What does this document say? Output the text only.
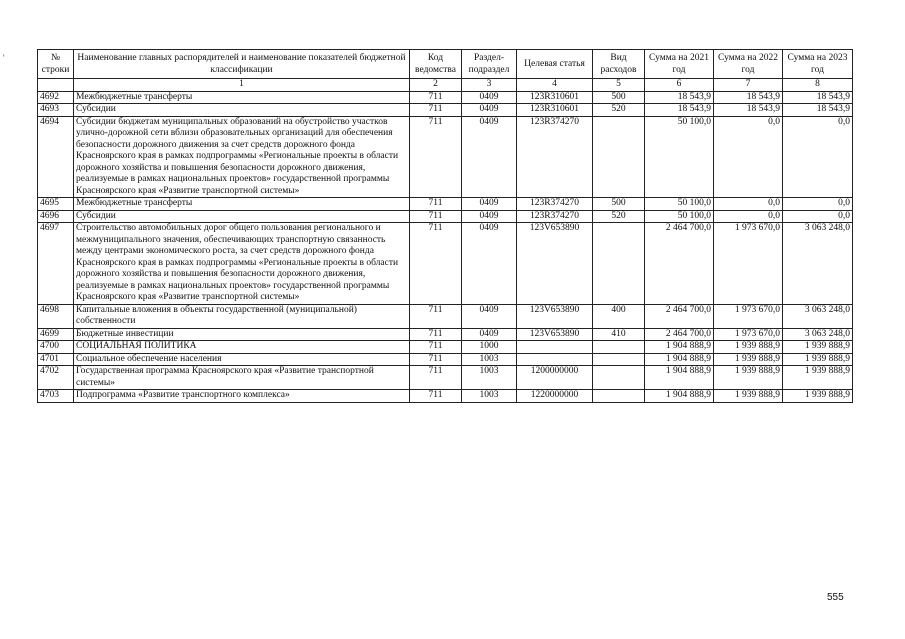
'	№ строки	Наименование главных распорядителей и наименование показателей бюджетной классификации	Код ведомства	Раздел-подраздел	Целевая статья	Вид расходов	Сумма на 2021 год	Сумма на 2022 год	Сумма на 2023 год
	1	2	3	4	5	6	7	8
4692	Межбюджетные трансферты	711	0409	123R310601	500	18 543,9	18 543,9	18 543,9
4693	Субсидии	711	0409	123R310601	520	18 543,9	18 543,9	18 543,9
4694	Субсидии бюджетам муниципальных образований на обустройство участков улично-дорожной сети вблизи образовательных организаций для обеспечения безопасности дорожного движения за счет средств дорожного фонда Красноярского края в рамках подпрограммы «Региональные проекты в области дорожного хозяйства и повышения безопасности дорожного движения, реализуемые в рамках национальных проектов» государственной программы Красноярского края «Развитие транспортной системы»	711	0409	123R374270		50 100,0	0,0	0,0
4695	Межбюджетные трансферты	711	0409	123R374270	500	50 100,0	0,0	0,0
4696	Субсидии	711	0409	123R374270	520	50 100,0	0,0	0,0
4697	Строительство автомобильных дорог общего пользования регионального и межмуниципального значения, обеспечивающих транспортную связанность между центрами экономического роста, за счет средств дорожного фонда Красноярского края в рамках подпрограммы «Региональные проекты в области дорожного хозяйства и повышения безопасности дорожного движения, реализуемые в рамках национальных проектов» государственной программы Красноярского края «Развитие транспортной системы»	711	0409	123V653890		2 464 700,0	1 973 670,0	3 063 248,0
4698	Капитальные вложения в объекты государственной (муниципальной) собственности	711	0409	123V653890	400	2 464 700,0	1 973 670,0	3 063 248,0
4699	Бюджетные инвестиции	711	0409	123V653890	410	2 464 700,0	1 973 670,0	3 063 248,0
4700	СОЦИАЛЬНАЯ ПОЛИТИКА	711	1000			1 904 888,9	1 939 888,9	1 939 888,9
4701	Социальное обеспечение населения	711	1003			1 904 888,9	1 939 888,9	1 939 888,9
4702	Государственная программа Красноярского края «Развитие транспортной системы»	711	1003	1200000000		1 904 888,9	1 939 888,9	1 939 888,9
4703	Подпрограмма «Развитие транспортного комплекса»	711	1003	1220000000		1 904 888,9	1 939 888,9	1 939 888,9
555
